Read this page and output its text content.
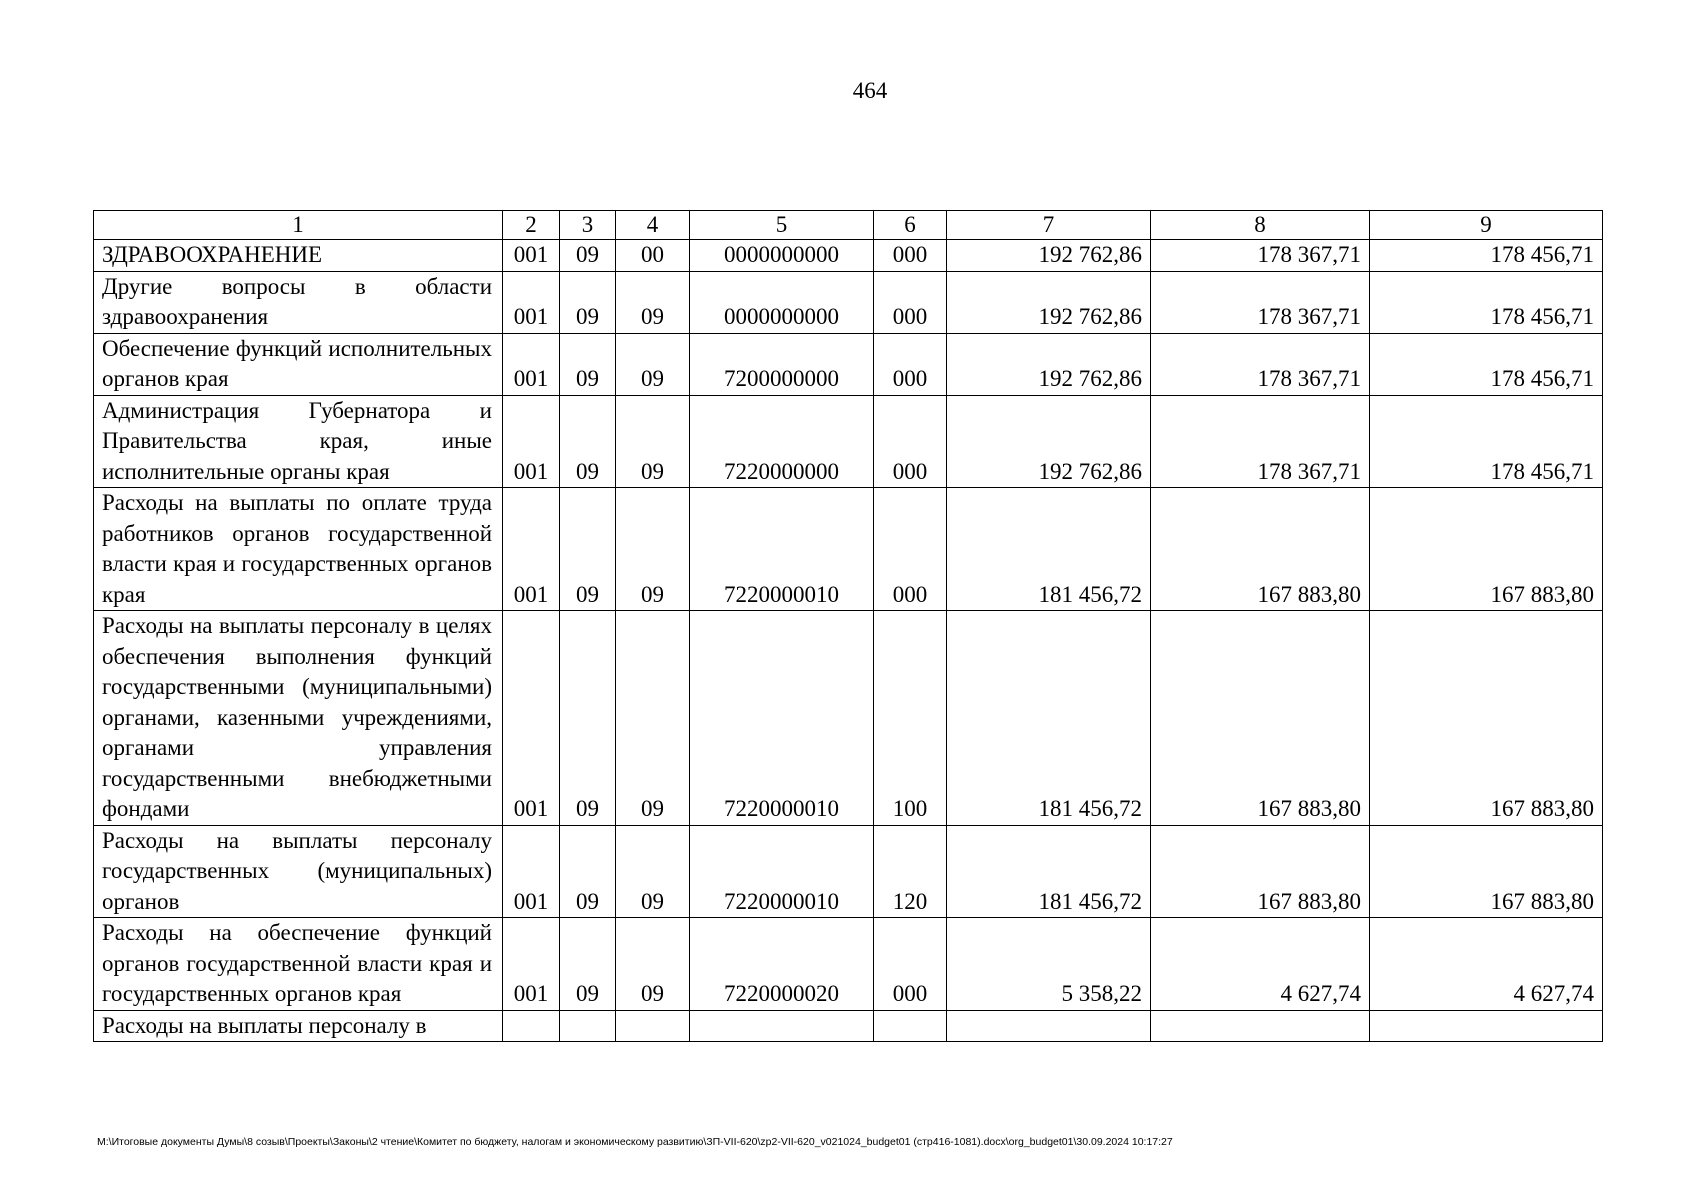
464
1	2	3	4	5	6	7	8	9
ЗДРАВООХРАНЕНИЕ	001	09	00	0000000000	000	192 762,86	178 367,71	178 456,71
Другие вопросы в области здравоохранения	001	09	09	0000000000	000	192 762,86	178 367,71	178 456,71
Обеспечение функций исполнительных органов края	001	09	09	7200000000	000	192 762,86	178 367,71	178 456,71
Администрация Губернатора и Правительства края, иные исполнительные органы края	001	09	09	7220000000	000	192 762,86	178 367,71	178 456,71
Расходы на выплаты по оплате труда работников органов государственной власти края и государственных органов края	001	09	09	7220000010	000	181 456,72	167 883,80	167 883,80
Расходы на выплаты персоналу в целях обеспечения выполнения функций государственными (муниципальными) органами, казенными учреждениями, органами управления государственными внебюджетными фондами	001	09	09	7220000010	100	181 456,72	167 883,80	167 883,80
Расходы на выплаты персоналу государственных (муниципальных) органов	001	09	09	7220000010	120	181 456,72	167 883,80	167 883,80
Расходы на обеспечение функций органов государственной власти края и государственных органов края	001	09	09	7220000020	000	5 358,22	4 627,74	4 627,74
Расходы на выплаты персоналу в								
M:\Итоговые документы Думы\8 созыв\Проекты\Законы\2 чтение\Комитет по бюджету, налогам и экономическому развитию\ЗП-VII-620\zp2-VII-620_v021024_budget01 (стр416-1081).docx\org_budget01\30.09.2024 10:17:27
